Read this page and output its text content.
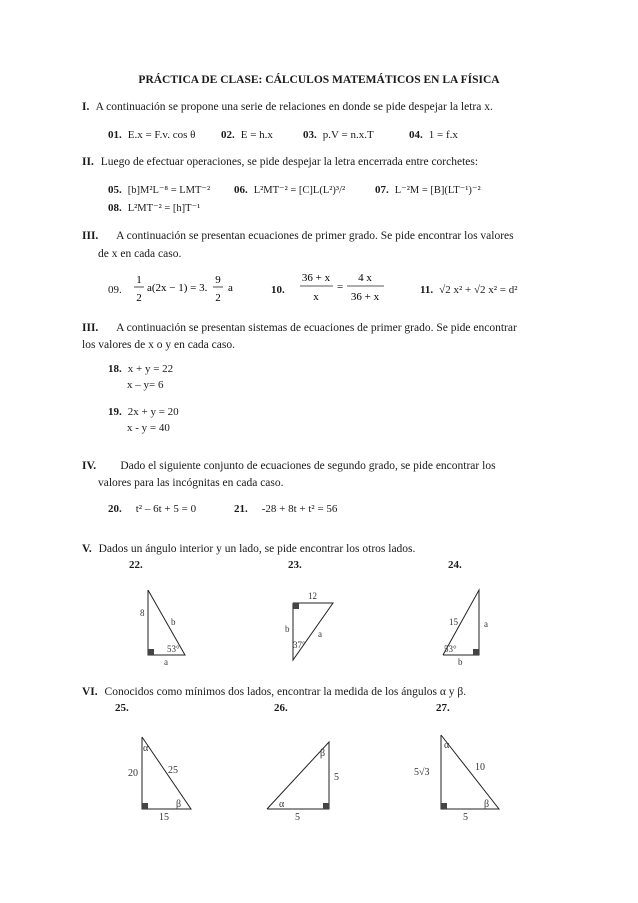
PRÁCTICA DE CLASE: CÁLCULOS MATEMÁTICOS EN LA FÍSICA
I. A continuación se propone una serie de relaciones en donde se pide despejar la letra x.
01. E.x = F.v. cos θ 02. E = h.x	03. p.V = n.x.T	04. 1 = f.x
II. Luego de efectuar operaciones, se pide despejar la letra encerrada entre corchetes:
05. [b]M²L⁻⁸ = LMT⁻² 06. L²MT⁻² = [C]L(L²)³/²	07. L⁻²M = [B](LT⁻¹)⁻²
08. L²MT⁻² = [h]T⁻¹
III. A continuación se presentan ecuaciones de primer grado. Se pide encontrar los valores
de x en cada caso.
09.
1
2
a(2x − 1) = 3.
9
2
a	10.
36 + x
x
=
4 x
36 + x
11. √2 x² + √2 x² = d²
III. A continuación se presentan sistemas de ecuaciones de primer grado. Se pide encontrar
los valores de x o y en cada caso.
18. x + y = 22
x – y= 6
19. 2x + y = 20
x - y = 40
IV. Dado el siguiente conjunto de ecuaciones de segundo grado, se pide encontrar los
valores para las incógnitas en cada caso.
20. t² – 6t + 5 = 0	21. -28 + 8t + t² = 56
V. Dados un ángulo interior y un lado, se pide encontrar los otros lados.
22.	23.	24.
8
b
53°
a
12
b	a
37°
15	a
53°
b
VI. Conocidos como mínimos dos lados, encontrar la medida de los ángulos α y β.
25.	26.	27.
α
20	25
β
15
α
β
5
5
α
5√3	10
β
5
